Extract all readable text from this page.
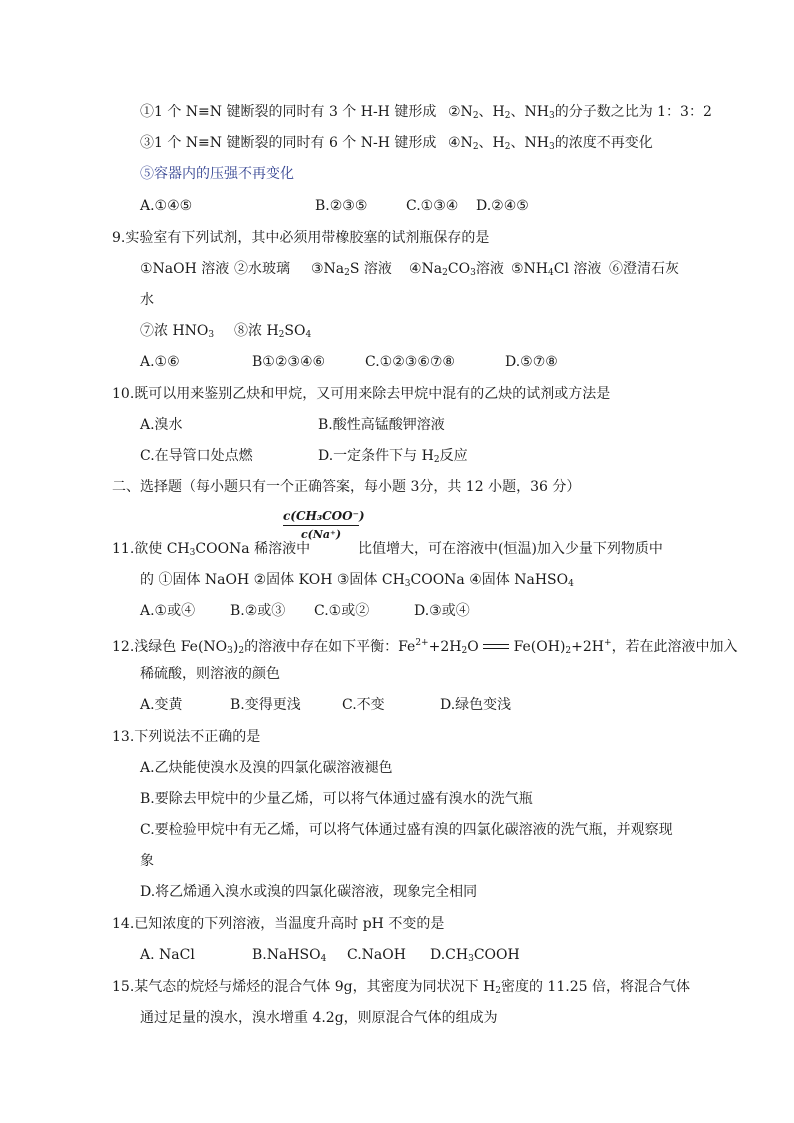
①1 个 N≡N 键断裂的同时有 3 个 H-H 键形成 $②N_2$、$H_2$、$NH_3$的分子数之比为 1：3：2
③1 个 N≡N 键断裂的同时有 6 个 N-H 键形成 $④N_2$、$H_2$、$NH_3$的浓度不再变化
⑤容器内的压强不再变化
A.①④⑤	B.②③⑤	C.①③④ D.②④⑤
9.实验室有下列试剂，其中必须用带橡胶塞的试剂瓶保存的是
①NaOH 溶液 ②水玻璃 $③Na_2S$ 溶液 $④Na_2CO_3$溶液 $⑤NH_4Cl$ 溶液 ⑥澄清石灰
水
⑦浓 $HNO_3$ ⑧浓 $H_2SO_4$
A.①⑥	B①②③④⑥	C.①②③⑥⑦⑧	D.⑤⑦⑧
10.既可以用来鉴别乙炔和甲烷，又可用来除去甲烷中混有的乙炔的试剂或方法是
A.溴水	B.酸性高锰酸钾溶液
C.在导管口处点燃	D.一定条件下与 $H_2$反应
二、选择题（每小题只有一个正确答案，每小题 3分，共 12 小题，36 分）
c(CH₃COO⁻)
c(Na⁺)
11.欲使 $CH_3COONa$ 稀溶液中	比值增大，可在溶液中(恒温)加入少量下列物质中
的 ①固体 NaOH ②固体 KOH ③固体 $CH_3COONa$ ④固体 NaHSO$_4$
A.①或④ B.②或③ C.①或②	D.③或④
12.浅绿色 $Fe(NO_3)_2$的溶液中存在如下平衡：$Fe^{2+}+2H_2O$ $Fe(OH)_2+2H^+$，若在此溶液中加入
稀硫酸，则溶液的颜色
A.变黄	B.变得更浅	C.不变	D.绿色变浅
13.下列说法不正确的是
A.乙炔能使溴水及溴的四氯化碳溶液褪色
B.要除去甲烷中的少量乙烯，可以将气体通过盛有溴水的洗气瓶
C.要检验甲烷中有无乙烯，可以将气体通过盛有溴的四氯化碳溶液的洗气瓶，并观察现
象
D.将乙烯通入溴水或溴的四氯化碳溶液，现象完全相同
14.已知浓度的下列溶液，当温度升高时 pH 不变的是
A. NaCl	B.NaHSO$_4$ C.NaOH $D.CH_3COOH$
15.某气态的烷烃与烯烃的混合气体 9g，其密度为同状况下 $H_2$密度的 11.25 倍，将混合气体
通过足量的溴水，溴水增重 4.2g，则原混合气体的组成为
